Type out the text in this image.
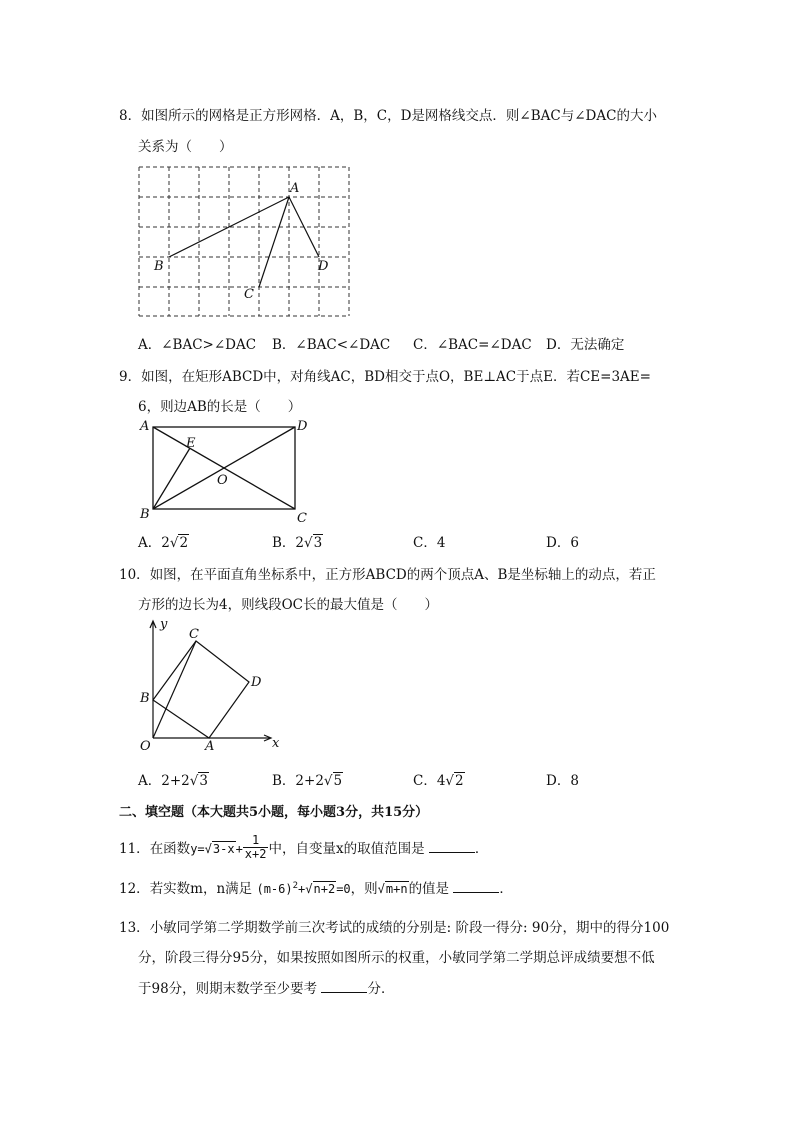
8．如图所示的网格是正方形网格．A，B，C，D是网格线交点．则∠BAC与∠DAC的大小
关系为（　　）
A
B
C
D
A．∠BAC>∠DAC B．∠BAC<∠DAC C．∠BAC=∠DAC D．无法确定
9．如图，在矩形ABCD中，对角线AC，BD相交于点O，BE⊥AC于点E．若CE=3AE=
6，则边AB的长是（　　）
A
B	C
D
E
O
A．2√2	B．2√3	C．4	D．6
10．如图，在平面直角坐标系中，正方形ABCD的两个顶点A、B是坐标轴上的动点，若正
方形的边长为4，则线段OC长的最大值是（　　）
O	A
B
C
D
x
y
A．2+2√3	B．2+2√5	C．4√2	D．8
二、填空题（本大题共5小题，每小题3分，共15分）
11．在函数$y=√3-x+ \frac{1}{x+2}$ 中，自变量x的取值范围是	．
12．若实数m，n满足 $(m-6)^2+√n+2=0$，则√m+n的值是	．
13．小敏同学第二学期数学前三次考试的成绩的分别是: 阶段一得分: 90分，期中的得分100
分，阶段三得分95分，如果按照如图所示的权重，小敏同学第二学期总评成绩要想不低
于98分，则期末数学至少要考	分．
